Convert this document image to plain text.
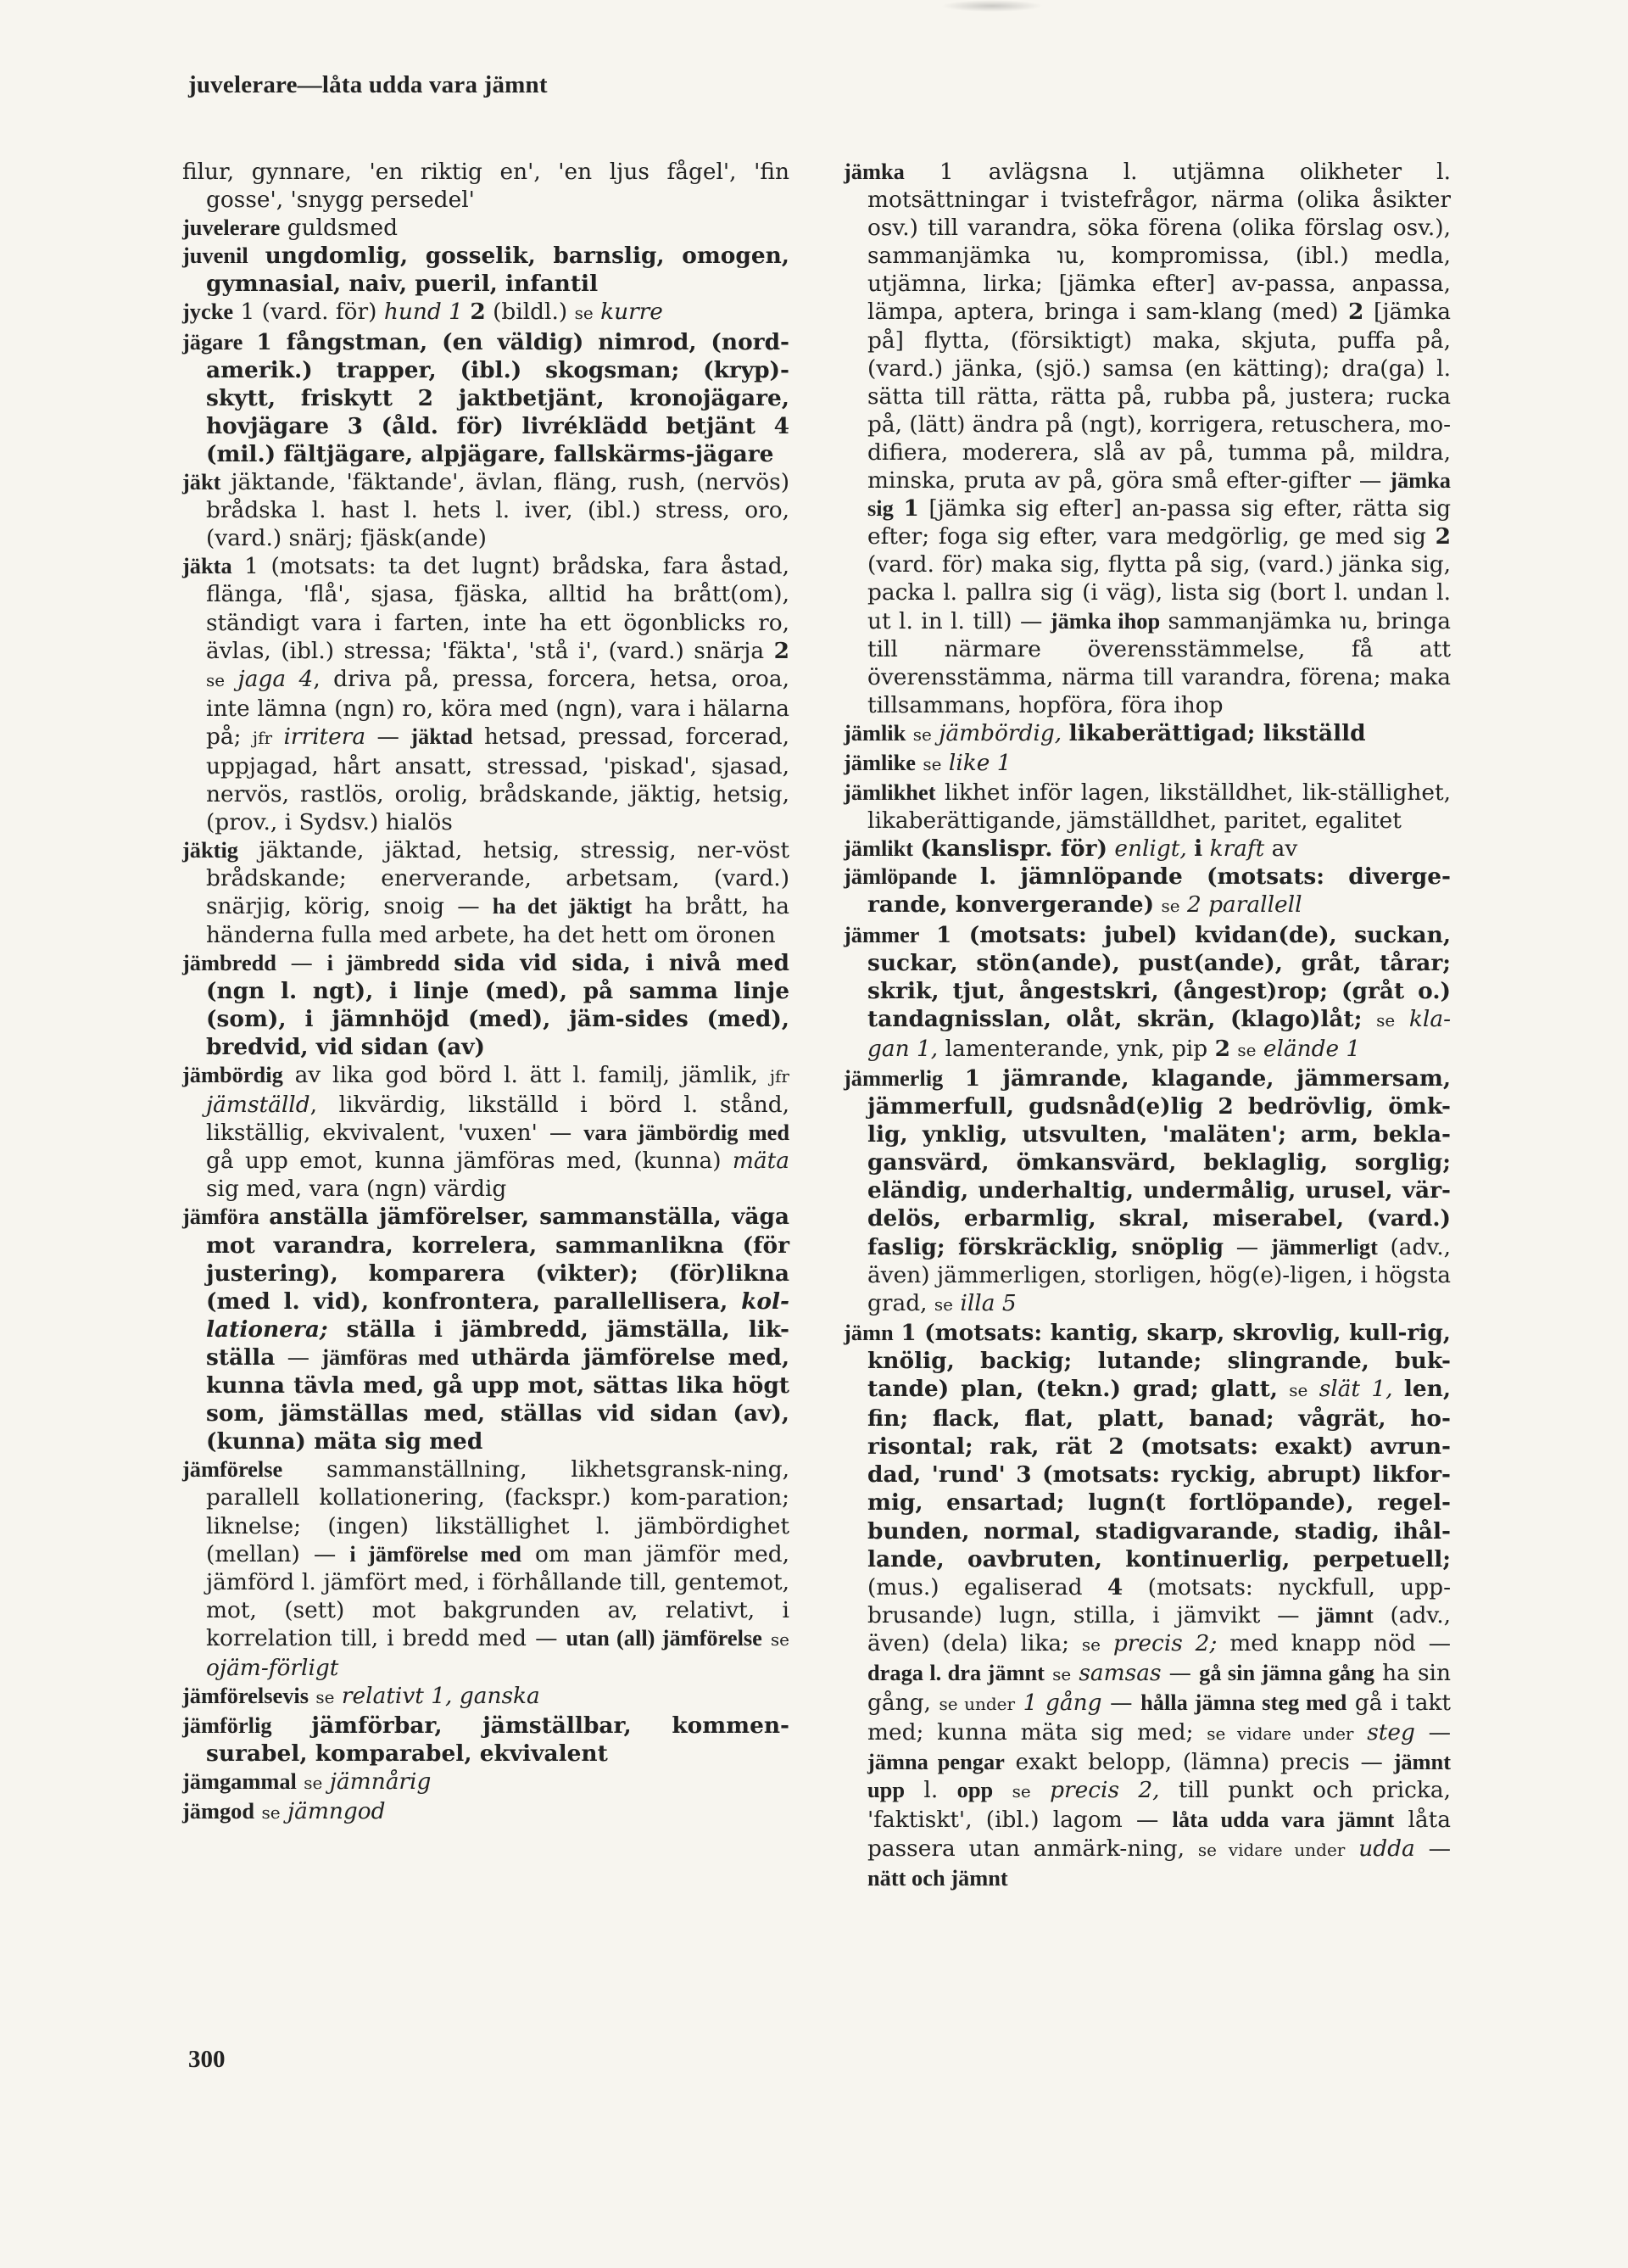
juvelerare—låta udda vara jämnt

filur, gynnare, 'en riktig en', 'en ljus fågel', 'fin gosse', 'snygg persedel'

juvelerare guldsmed

juvenil ungdomlig, gosselik, barnslig, omogen, gymnasial, naiv, pueril, infantil

jycke 1 (vard. för) hund 1 2 (bildl.) se kurre

jägare 1 fångstman, (en väldig) nimrod, (nord-amerik.) trapper, (ibl.) skogsman; (kryp)-skytt, friskytt 2 jaktbetjänt, kronojägare, hovjägare 3 (åld. för) livréklädd betjänt 4 (mil.) fältjägare, alpjägare, fallskärms-jägare

jäkt jäktande, 'fäktande', ävlan, fläng, rush, (nervös) brådska l. hast l. hets l. iver, (ibl.) stress, oro, (vard.) snärj; fjäsk(ande)

jäkta 1 (motsats: ta det lugnt) brådska, fara åstad, flänga, 'flå', sjasa, fjäska, alltid ha brått(om), ständigt vara i farten, inte ha ett ögonblicks ro, ävlas, (ibl.) stressa; 'fäkta', 'stå i', (vard.) snärja 2 se jaga 4, driva på, pressa, forcera, hetsa, oroa, inte lämna (ngn) ro, köra med (ngn), vara i hälarna på; jfr irritera — jäktad hetsad, pressad, forcerad, uppjagad, hårt ansatt, stressad, 'piskad', sjasad, nervös, rastlös, orolig, brådskande, jäktig, hetsig, (prov., i Sydsv.) hialös

jäktig jäktande, jäktad, hetsig, stressig, ner-vöst brådskande; enerverande, arbetsam, (vard.) snärjig, körig, snoig — ha det jäktigt ha brått, ha händerna fulla med arbete, ha det hett om öronen

jämbredd — i jämbredd sida vid sida, i nivå med (ngn l. ngt), i linje (med), på samma linje (som), i jämnhöjd (med), jäm-sides (med), bredvid, vid sidan (av)

jämbördig av lika god börd l. ätt l. familj, jämlik, jfr jämställd, likvärdig, likställd i börd l. stånd, likställig, ekvivalent, 'vuxen' — vara jämbördig med gå upp emot, kunna jämföras med, (kunna) mäta sig med, vara (ngn) värdig

jämföra anställa jämförelser, sammanställa, väga mot varandra, korrelera, sammanlikna (för justering), komparera (vikter); (för)likna (med l. vid), konfrontera, parallellisera, kol-lationera; ställa i jämbredd, jämställa, lik-ställa — jämföras med uthärda jämförelse med, kunna tävla med, gå upp mot, sättas lika högt som, jämställas med, ställas vid sidan (av), (kunna) mäta sig med

jämförelse sammanställning, likhetsgransk-ning, parallell kollationering, (fackspr.) kom-paration; liknelse; (ingen) likställighet l. jämbördighet (mellan) — i jämförelse med om man jämför med, jämförd l. jämfört med, i förhållande till, gentemot, mot, (sett) mot bakgrunden av, relativt, i korrelation till, i bredd med — utan (all) jämförelse se ojäm-förligt

jämförelsevis se relativt 1, ganska

jämförlig jämförbar, jämställbar, kommen-surabel, komparabel, ekvivalent

jämgammal se jämnårig

jämgod se jämngod

jämka 1 avlägsna l. utjämna olikheter l. motsättningar i tvistefrågor, närma (olika åsikter osv.) till varandra, söka förena (olika förslag osv.), sammanjämka ℩u, kompromissa, (ibl.) medla, utjämna, lirka; [jämka efter] av-passa, anpassa, lämpa, aptera, bringa i sam-klang (med) 2 [jämka på] flytta, (försiktigt) maka, skjuta, puffa på, (vard.) jänka, (sjö.) samsa (en kätting); dra(ga) l. sätta till rätta, rätta på, rubba på, justera; rucka på, (lätt) ändra på (ngt), korrigera, retuschera, mo-difiera, moderera, slå av på, tumma på, mildra, minska, pruta av på, göra små efter-gifter — jämka sig 1 [jämka sig efter] an-passa sig efter, rätta sig efter; foga sig efter, vara medgörlig, ge med sig 2 (vard. för) maka sig, flytta på sig, (vard.) jänka sig, packa l. pallra sig (i väg), lista sig (bort l. undan l. ut l. in l. till) — jämka ihop sammanjämka ℩u, bringa till närmare överensstämmelse, få att överensstämma, närma till varandra, förena; maka tillsammans, hopföra, föra ihop

jämlik se jämbördig, likaberättigad; likställd

jämlike se like 1

jämlikhet likhet inför lagen, likställdhet, lik-ställighet, likaberättigande, jämställdhet, paritet, egalitet

jämlikt (kanslispr. för) enligt, i kraft av

jämlöpande l. jämnlöpande (motsats: diverge-rande, konvergerande) se 2 parallell

jämmer 1 (motsats: jubel) kvidan(de), suckan, suckar, stön(ande), pust(ande), gråt, tårar; skrik, tjut, ångestskri, (ångest)rop; (gråt o.) tandagnisslan, olåt, skrän, (klago)låt; se kla-gan 1, lamenterande, ynk, pip 2 se elände 1

jämmerlig 1 jämrande, klagande, jämmersam, jämmerfull, gudsnåd(e)lig 2 bedrövlig, ömk-lig, ynklig, utsvulten, 'maläten'; arm, bekla-gansvärd, ömkansvärd, beklaglig, sorglig; eländig, underhaltig, undermålig, urusel, vär-delös, erbarmlig, skral, miserabel, (vard.) faslig; förskräcklig, snöplig — jämmerligt (adv., även) jämmerligen, storligen, hög(e)-ligen, i högsta grad, se illa 5

jämn 1 (motsats: kantig, skarp, skrovlig, kull-rig, knölig, backig; lutande; slingrande, buk-tande) plan, (tekn.) grad; glatt, se slät 1, len, fin; flack, flat, platt, banad; vågrät, ho-risontal; rak, rät 2 (motsats: exakt) avrun-dad, 'rund' 3 (motsats: ryckig, abrupt) likfor-mig, ensartad; lugn(t fortlöpande), regel-bunden, normal, stadigvarande, stadig, ihål-lande, oavbruten, kontinuerlig, perpetuell; (mus.) egaliserad 4 (motsats: nyckfull, upp-brusande) lugn, stilla, i jämvikt — jämnt (adv., även) (dela) lika; se precis 2; med knapp nöd — draga l. dra jämnt se samsas — gå sin jämna gång ha sin gång, se under 1 gång — hålla jämna steg med gå i takt med; kunna mäta sig med; se vidare under steg — jämna pengar exakt belopp, (lämna) precis — jämnt upp l. opp se precis 2, till punkt och pricka, 'faktiskt', (ibl.) lagom — låta udda vara jämnt låta passera utan anmärk-ning, se vidare under udda — nätt och jämnt

300
